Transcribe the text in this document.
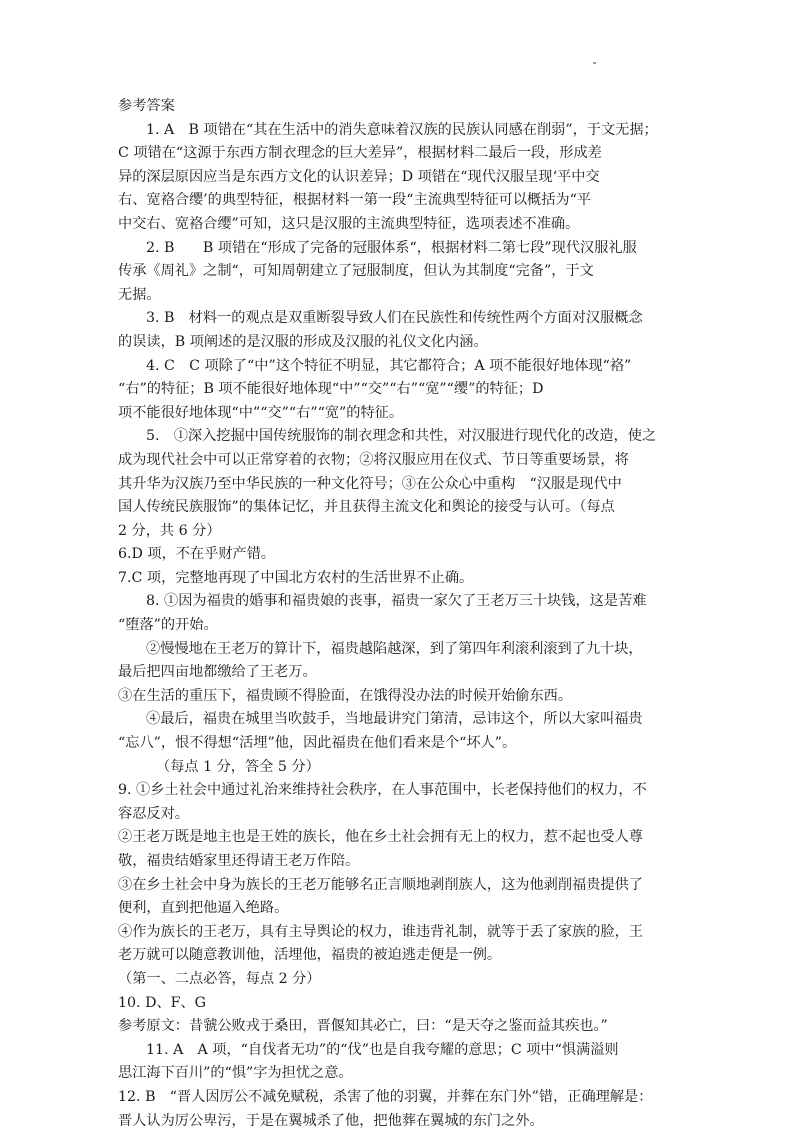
参考答案
1. A　B 项错在“其在生活中的消失意味着汉族的民族认同感在削弱”，于文无据；
C 项错在“这源于东西方制衣理念的巨大差异”，根据材料二最后一段，形成差
异的深层原因应当是东西方文化的认识差异；D 项错在“现代汉服呈现‘平中交
右、宽袼合缨’的典型特征，根据材料一第一段“主流典型特征可以概括为“平
中交右、宽袼合缨”可知，这只是汉服的主流典型特征，选项表述不准确。
2. B　　B 项错在“形成了完备的冠服体系“，根据材料二第七段”现代汉服礼服
传承《周礼》之制“，可知周朝建立了冠服制度，但认为其制度“完备”，于文
无据。
3. B　材料一的观点是双重断裂导致人们在民族性和传统性两个方面对汉服概念
的误读，B 项阐述的是汉服的形成及汉服的礼仪文化内涵。
4. C　C 项除了“中”这个特征不明显，其它都符合；A 项不能很好地体现“袼”
“右”的特征；B 项不能很好地体现“中”“交”“右”“宽”“缨”的特征；D
项不能很好地体现“中”“交”“右”“宽”的特征。
5.　①深入挖掘中国传统服饰的制衣理念和共性，对汉服进行现代化的改造，使之
成为现代社会中可以正常穿着的衣物；②将汉服应用在仪式、节日等重要场景，将
其升华为汉族乃至中华民族的一种文化符号；③在公众心中重构　“汉服是现代中
国人传统民族服饰”的集体记忆，并且获得主流文化和舆论的接受与认可。（每点
2 分，共 6 分）
6.D 项，不在乎财产错。
7.C 项，完整地再现了中国北方农村的生活世界不止确。
8. ①因为福贵的婚事和福贵娘的丧事，福贵一家欠了王老万三十块钱，这是苦难
“堕落”的开始。
②慢慢地在王老万的算计下，福贵越陷越深，到了第四年利滚利滚到了九十块，
最后把四亩地都缴给了王老万。
③在生活的重压下，福贵顾不得脸面，在饿得没办法的时候开始偷东西。
④最后，福贵在城里当吹鼓手，当地最讲究门第清，忌讳这个，所以大家叫福贵
“忘八”，恨不得想“活埋”他，因此福贵在他们看来是个“坏人”。
（每点 1 分，答全 5 分）
9. ①乡土社会中通过礼治来维持社会秩序，在人事范围中，长老保持他们的权力，不
容忍反对。
②王老万既是地主也是王姓的族长，他在乡土社会拥有无上的权力，惹不起也受人尊
敬，福贵结婚家里还得请王老万作陪。
③在乡土社会中身为族长的王老万能够名正言顺地剥削族人，这为他剥削福贵提供了
便利，直到把他逼入绝路。
④作为族长的王老万，具有主导舆论的权力，谁违背礼制，就等于丢了家族的脸，王
老万就可以随意教训他，活埋他，福贵的被迫逃走便是一例。
（第一、二点必答，每点 2 分）
10. D、F、G
参考原文：昔虢公败戎于桑田，晋偃知其必亡，曰：“是天夺之鉴而益其疾也。”
11. A　A 项，“自伐者无功”的“伐”也是自我夸耀的意思；C 项中“惧满溢则
思江海下百川”的“惧”字为担忧之意。
12. B　“晋人因厉公不减免赋税，杀害了他的羽翼，并葬在东门外”错，正确理解是：
晋人认为厉公卑污，于是在翼城杀了他，把他葬在翼城的东门之外。
